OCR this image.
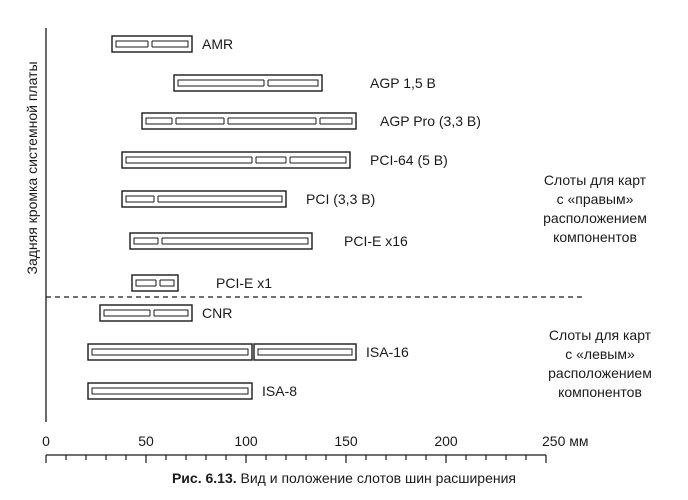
Задняя кромка системной платы
AMR
AGP 1,5 В
AGP Pro (3,3 В)
PCI-64 (5 В)
PCI (3,3 В)
PCI-E x16
PCI-E x1
CNR
ISA-16
ISA-8
Слоты для карт
с «правым»
расположением
компонентов
Слоты для карт
с «левым»
расположением
компонентов
0	50	100	150	200	250 мм
Рис. 6.13. Вид и положение слотов шин расширения
